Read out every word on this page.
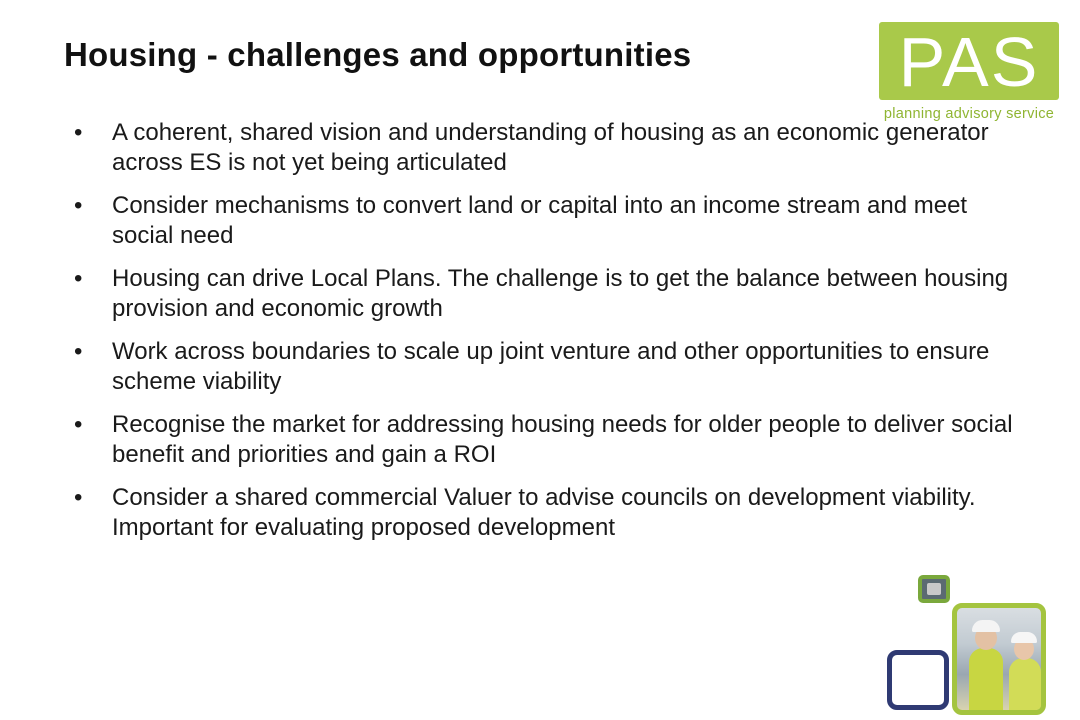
Housing - challenges and opportunities	PAS
planning advisory service
• A coherent, shared vision and understanding of housing as an economic generator across ES is not yet being articulated
• Consider mechanisms to convert land or capital into an income stream and meet social need
• Housing can drive Local Plans. The challenge is to get the balance between housing provision and economic growth
• Work across boundaries to scale up joint venture and other opportunities to ensure scheme viability
• Recognise the market for addressing housing needs for older people to deliver social benefit and priorities and gain a ROI
• Consider a shared commercial Valuer to advise councils on development viability. Important for evaluating proposed development
